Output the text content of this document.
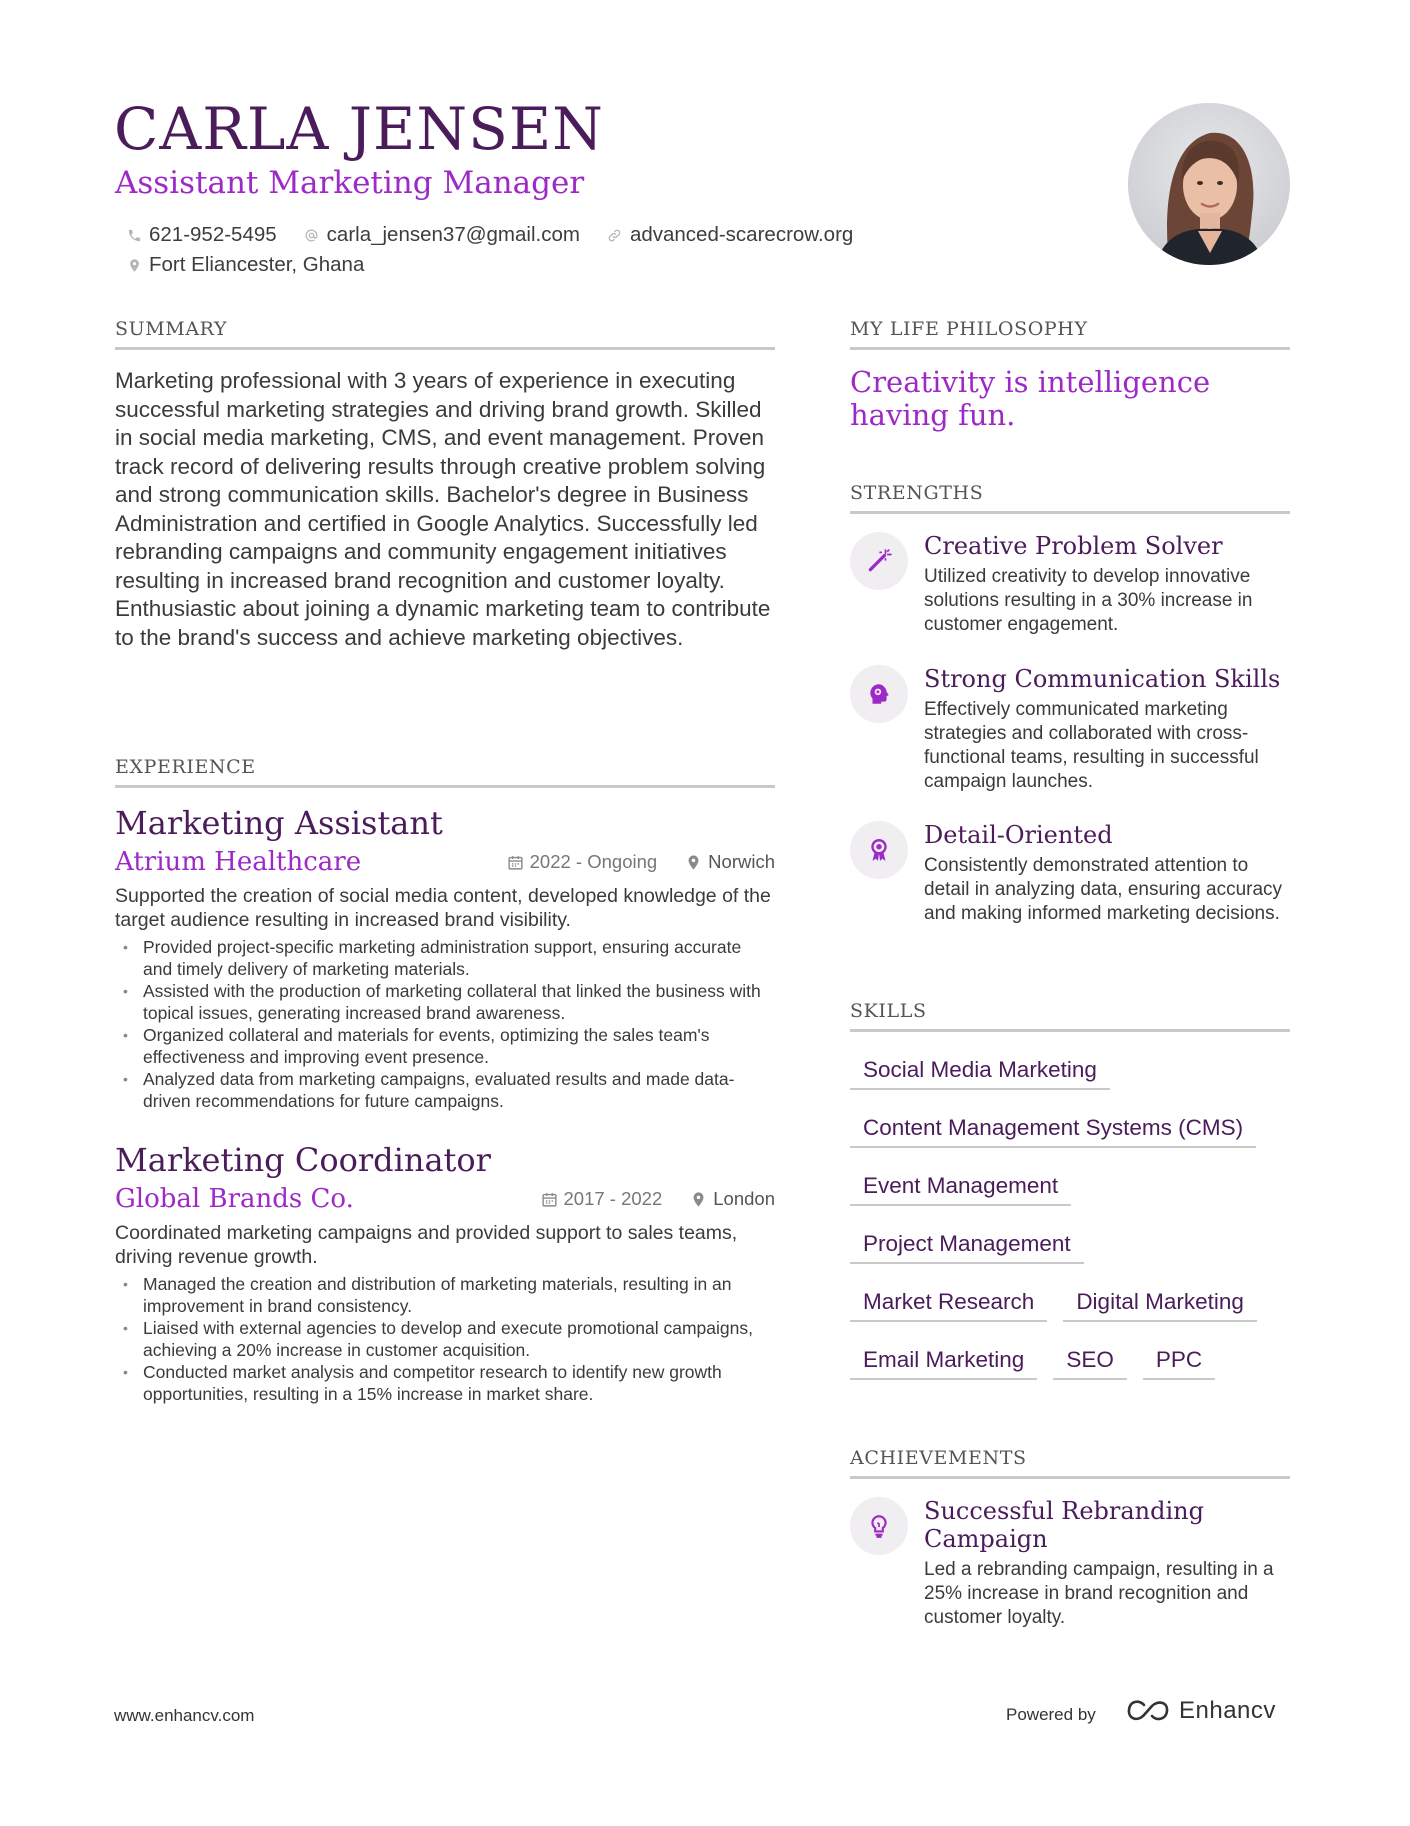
CARLA JENSEN
Assistant Marketing Manager
621-952-5495 carla_jensen37@gmail.com advanced-scarecrow.org
Fort Eliancester, Ghana
SUMMARY
Marketing professional with 3 years of experience in executing successful marketing strategies and driving brand growth. Skilled in social media marketing, CMS, and event management. Proven track record of delivering results through creative problem solving and strong communication skills. Bachelor's degree in Business Administration and certified in Google Analytics. Successfully led rebranding campaigns and community engagement initiatives resulting in increased brand recognition and customer loyalty. Enthusiastic about joining a dynamic marketing team to contribute to the brand's success and achieve marketing objectives.
EXPERIENCE
Marketing Assistant
Atrium Healthcare	2022 - Ongoing	Norwich
Supported the creation of social media content, developed knowledge of the target audience resulting in increased brand visibility.
• Provided project-specific marketing administration support, ensuring accurate and timely delivery of marketing materials.
• Assisted with the production of marketing collateral that linked the business with topical issues, generating increased brand awareness.
• Organized collateral and materials for events, optimizing the sales team's effectiveness and improving event presence.
• Analyzed data from marketing campaigns, evaluated results and made data-driven recommendations for future campaigns.
Marketing Coordinator
Global Brands Co.	2017 - 2022	London
Coordinated marketing campaigns and provided support to sales teams, driving revenue growth.
• Managed the creation and distribution of marketing materials, resulting in an improvement in brand consistency.
• Liaised with external agencies to develop and execute promotional campaigns, achieving a 20% increase in customer acquisition.
• Conducted market analysis and competitor research to identify new growth opportunities, resulting in a 15% increase in market share.
MY LIFE PHILOSOPHY
Creativity is intelligence having fun.
STRENGTHS
Creative Problem Solver
Utilized creativity to develop innovative solutions resulting in a 30% increase in customer engagement.
Strong Communication Skills
Effectively communicated marketing strategies and collaborated with cross-functional teams, resulting in successful campaign launches.
Detail-Oriented
Consistently demonstrated attention to detail in analyzing data, ensuring accuracy and making informed marketing decisions.
SKILLS
Social Media Marketing
Content Management Systems (CMS)
Event Management
Project Management
Market Research	Digital Marketing
Email Marketing	SEO	PPC
ACHIEVEMENTS
Successful Rebranding Campaign
Led a rebranding campaign, resulting in a 25% increase in brand recognition and customer loyalty.
www.enhancv.com	Powered by	Enhancv
